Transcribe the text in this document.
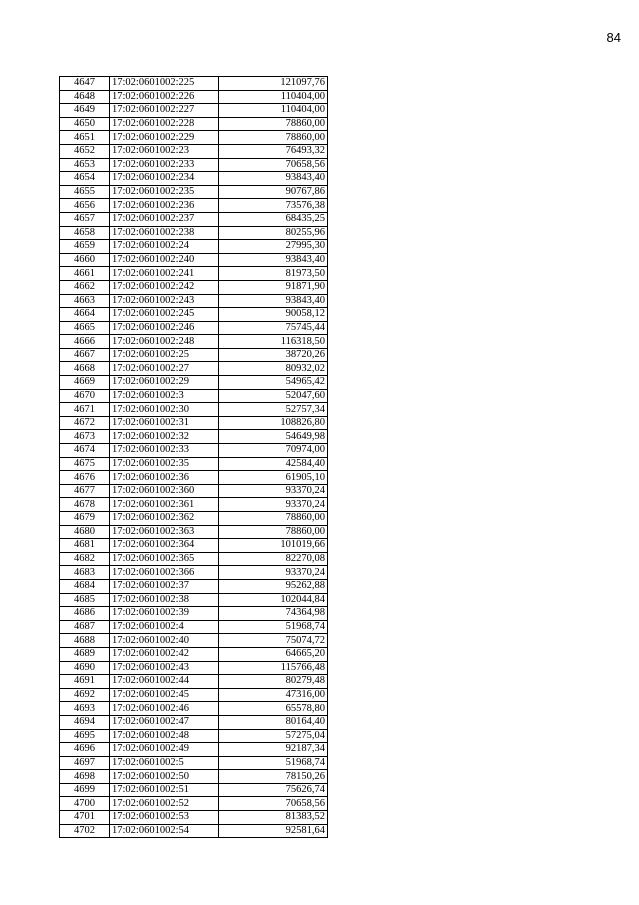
84
4647	17:02:0601002:225	121097,76
4648	17:02:0601002:226	110404,00
4649	17:02:0601002:227	110404,00
4650	17:02:0601002:228	78860,00
4651	17:02:0601002:229	78860,00
4652	17:02:0601002:23	76493,32
4653	17:02:0601002:233	70658,56
4654	17:02:0601002:234	93843,40
4655	17:02:0601002:235	90767,86
4656	17:02:0601002:236	73576,38
4657	17:02:0601002:237	68435,25
4658	17:02:0601002:238	80255,96
4659	17:02:0601002:24	27995,30
4660	17:02:0601002:240	93843,40
4661	17:02:0601002:241	81973,50
4662	17:02:0601002:242	91871,90
4663	17:02:0601002:243	93843,40
4664	17:02:0601002:245	90058,12
4665	17:02:0601002:246	75745,44
4666	17:02:0601002:248	116318,50
4667	17:02:0601002:25	38720,26
4668	17:02:0601002:27	80932,02
4669	17:02:0601002:29	54965,42
4670	17:02:0601002:3	52047,60
4671	17:02:0601002:30	52757,34
4672	17:02:0601002:31	108826,80
4673	17:02:0601002:32	54649,98
4674	17:02:0601002:33	70974,00
4675	17:02:0601002:35	42584,40
4676	17:02:0601002:36	61905,10
4677	17:02:0601002:360	93370,24
4678	17:02:0601002:361	93370,24
4679	17:02:0601002:362	78860,00
4680	17:02:0601002:363	78860,00
4681	17:02:0601002:364	101019,66
4682	17:02:0601002:365	82270,08
4683	17:02:0601002:366	93370,24
4684	17:02:0601002:37	95262,88
4685	17:02:0601002:38	102044,84
4686	17:02:0601002:39	74364,98
4687	17:02:0601002:4	51968,74
4688	17:02:0601002:40	75074,72
4689	17:02:0601002:42	64665,20
4690	17:02:0601002:43	115766,48
4691	17:02:0601002:44	80279,48
4692	17:02:0601002:45	47316,00
4693	17:02:0601002:46	65578,80
4694	17:02:0601002:47	80164,40
4695	17:02:0601002:48	57275,04
4696	17:02:0601002:49	92187,34
4697	17:02:0601002:5	51968,74
4698	17:02:0601002:50	78150,26
4699	17:02:0601002:51	75626,74
4700	17:02:0601002:52	70658,56
4701	17:02:0601002:53	81383,52
4702	17:02:0601002:54	92581,64
